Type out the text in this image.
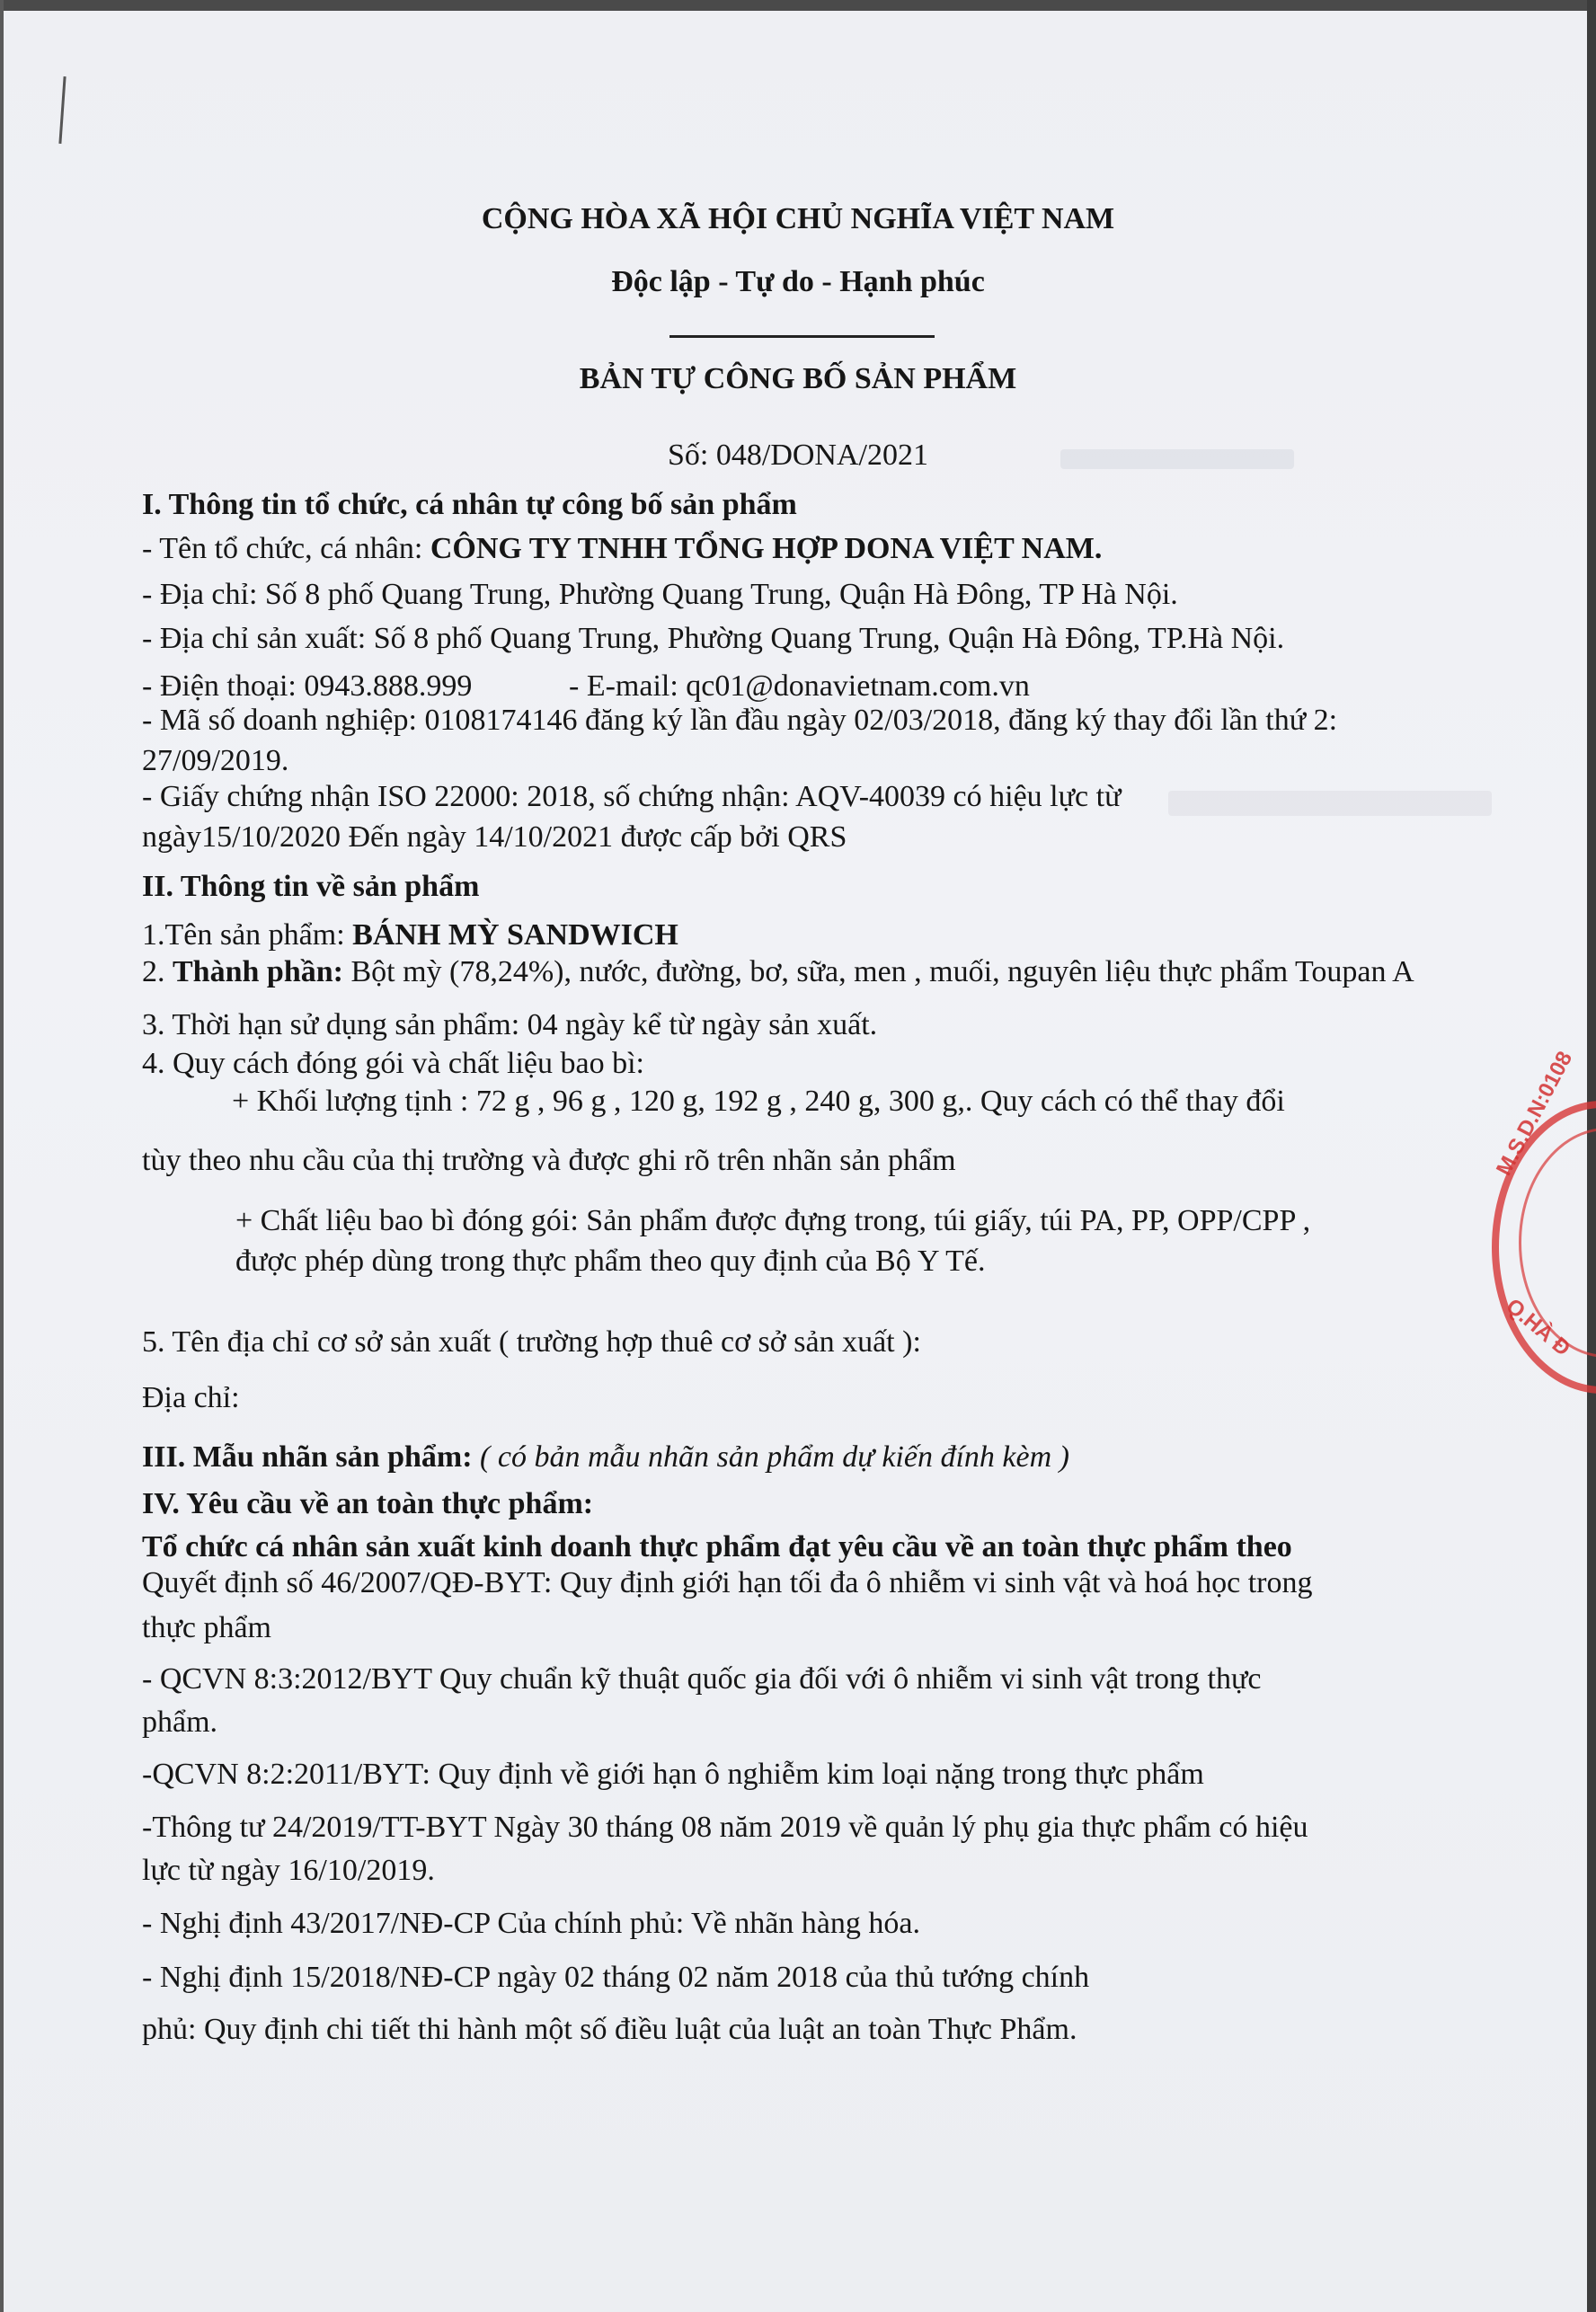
CỘNG HÒA XÃ HỘI CHỦ NGHĨA VIỆT NAM
Độc lập - Tự do - Hạnh phúc
BẢN TỰ CÔNG BỐ SẢN PHẨM
Số: 048/DONA/2021
I. Thông tin tổ chức, cá nhân tự công bố sản phẩm
- Tên tổ chức, cá nhân: CÔNG TY TNHH TỔNG HỢP DONA VIỆT NAM.
- Địa chỉ: Số 8 phố Quang Trung, Phường Quang Trung, Quận Hà Đông, TP Hà Nội.
- Địa chỉ sản xuất: Số 8 phố Quang Trung, Phường Quang Trung, Quận Hà Đông, TP.Hà Nội.
- Điện thoại: 0943.888.999	- E-mail: qc01@donavietnam.com.vn
- Mã số doanh nghiệp: 0108174146 đăng ký lần đầu ngày 02/03/2018, đăng ký thay đổi lần thứ 2:
27/09/2019.
- Giấy chứng nhận ISO 22000: 2018, số chứng nhận: AQV-40039 có hiệu lực từ
ngày15/10/2020 Đến ngày 14/10/2021 được cấp bởi QRS
II. Thông tin về sản phẩm
1.Tên sản phẩm: BÁNH MỲ SANDWICH
2. Thành phần: Bột mỳ (78,24%), nước, đường, bơ, sữa, men , muối, nguyên liệu thực phẩm Toupan A
3. Thời hạn sử dụng sản phẩm: 04 ngày kể từ ngày sản xuất.
4. Quy cách đóng gói và chất liệu bao bì:
+ Khối lượng tịnh : 72 g , 96 g , 120 g, 192 g , 240 g, 300 g,. Quy cách có thể thay đổi
tùy theo nhu cầu của thị trường và được ghi rõ trên nhãn sản phẩm
+ Chất liệu bao bì đóng gói: Sản phẩm được đựng trong, túi giấy, túi PA, PP, OPP/CPP ,
được phép dùng trong thực phẩm theo quy định của Bộ Y Tế.
5. Tên địa chỉ cơ sở sản xuất ( trường hợp thuê cơ sở sản xuất ):
Địa chỉ:
III. Mẫu nhãn sản phẩm: ( có bản mẫu nhãn sản phẩm dự kiến đính kèm )
IV. Yêu cầu về an toàn thực phẩm:
Tổ chức cá nhân sản xuất kinh doanh thực phẩm đạt yêu cầu về an toàn thực phẩm theo
Quyết định số 46/2007/QĐ-BYT: Quy định giới hạn tối đa ô nhiễm vi sinh vật và hoá học trong
thực phẩm
- QCVN 8:3:2012/BYT Quy chuẩn kỹ thuật quốc gia đối với ô nhiễm vi sinh vật trong thực
phẩm.
-QCVN 8:2:2011/BYT: Quy định về giới hạn ô nghiễm kim loại nặng trong thực phẩm
-Thông tư 24/2019/TT-BYT Ngày 30 tháng 08 năm 2019 về quản lý phụ gia thực phẩm có hiệu
lực từ ngày 16/10/2019.
- Nghị định 43/2017/NĐ-CP Của chính phủ: Về nhãn hàng hóa.
- Nghị định 15/2018/NĐ-CP ngày 02 tháng 02 năm 2018 của thủ tướng chính
phủ: Quy định chi tiết thi hành một số điều luật của luật an toàn Thực Phẩm.
M.S.D.N:0108
Q.HÀ Đ
